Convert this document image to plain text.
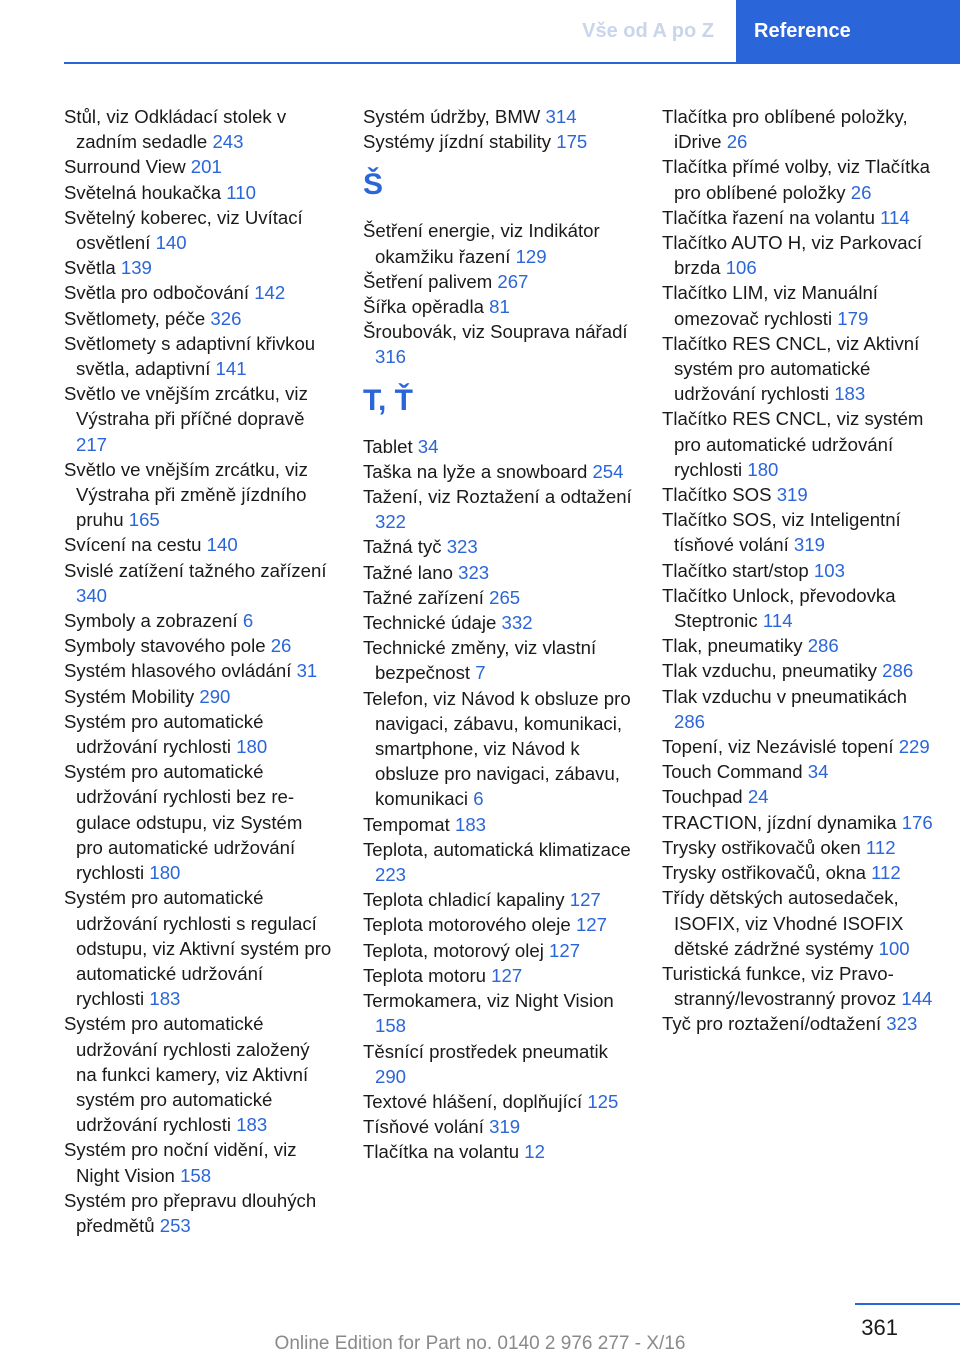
Vše od A po Z	Reference
Stůl, viz Odkládací stolek v zadním sedadle 243
Surround View 201
Světelná houkačka 110
Světelný koberec, viz Uvítací osvětlení 140
Světla 139
Světla pro odbočování 142
Světlomety, péče 326
Světlomety s adaptivní křivkou světla, adaptivní 141
Světlo ve vnějším zrcátku, viz Výstraha při příčné dopravě 217
Světlo ve vnějším zrcátku, viz Výstraha při změně jízdního pruhu 165
Svícení na cestu 140
Svislé zatížení tažného zařízení 340
Symboly a zobrazení 6
Symboly stavového pole 26
Systém hlasového ovládání 31
Systém Mobility 290
Systém pro automatické udržování rychlosti 180
Systém pro automatické udržování rychlosti bez regulace odstupu, viz Systém pro automatické udržování rychlosti 180
Systém pro automatické udržování rychlosti s regulací odstupu, viz Aktivní systém pro automatické udržování rychlosti 183
Systém pro automatické udržování rychlosti založený na funkci kamery, viz Aktivní systém pro automatické udržování rychlosti 183
Systém pro noční vidění, viz Night Vision 158
Systém pro přepravu dlouhých předmětů 253
Systém údržby, BMW 314
Systémy jízdní stability 175
Š
Šetření energie, viz Indikátor okamžiku řazení 129
Šetření palivem 267
Šířka opěradla 81
Šroubovák, viz Souprava nářadí 316
T, Ť
Tablet 34
Taška na lyže a snowboard 254
Tažení, viz Roztažení a odtažení 322
Tažná tyč 323
Tažné lano 323
Tažné zařízení 265
Technické údaje 332
Technické změny, viz vlastní bezpečnost 7
Telefon, viz Návod k obsluze pro navigaci, zábavu, komunikaci, smartphone, viz Návod k obsluze pro navigaci, zábavu, komunikaci 6
Tempomat 183
Teplota, automatická klimatizace 223
Teplota chladicí kapaliny 127
Teplota motorového oleje 127
Teplota, motorový olej 127
Teplota motoru 127
Termokamera, viz Night Vision 158
Těsnící prostředek pneumatik 290
Textové hlášení, doplňující 125
Tísňové volání 319
Tlačítka na volantu 12
Tlačítka pro oblíbené položky, iDrive 26
Tlačítka přímé volby, viz Tlačítka pro oblíbené položky 26
Tlačítka řazení na volantu 114
Tlačítko AUTO H, viz Parkovací brzda 106
Tlačítko LIM, viz Manuální omezovač rychlosti 179
Tlačítko RES CNCL, viz Aktivní systém pro automatické udržování rychlosti 183
Tlačítko RES CNCL, viz systém pro automatické udržování rychlosti 180
Tlačítko SOS 319
Tlačítko SOS, viz Inteligentní tísňové volání 319
Tlačítko start/stop 103
Tlačítko Unlock, převodovka Steptronic 114
Tlak, pneumatiky 286
Tlak vzduchu, pneumatiky 286
Tlak vzduchu v pneumatikách 286
Topení, viz Nezávislé topení 229
Touch Command 34
Touchpad 24
TRACTION, jízdní dynamika 176
Trysky ostřikovačů oken 112
Trysky ostřikovačů, okna 112
Třídy dětských autosedaček, ISOFIX, viz Vhodné ISOFIX dětské zádržné systémy 100
Turistická funkce, viz Pravostranný/levostranný provoz 144
Tyč pro roztažení/odtažení 323
361
Online Edition for Part no. 0140 2 976 277 - X/16
